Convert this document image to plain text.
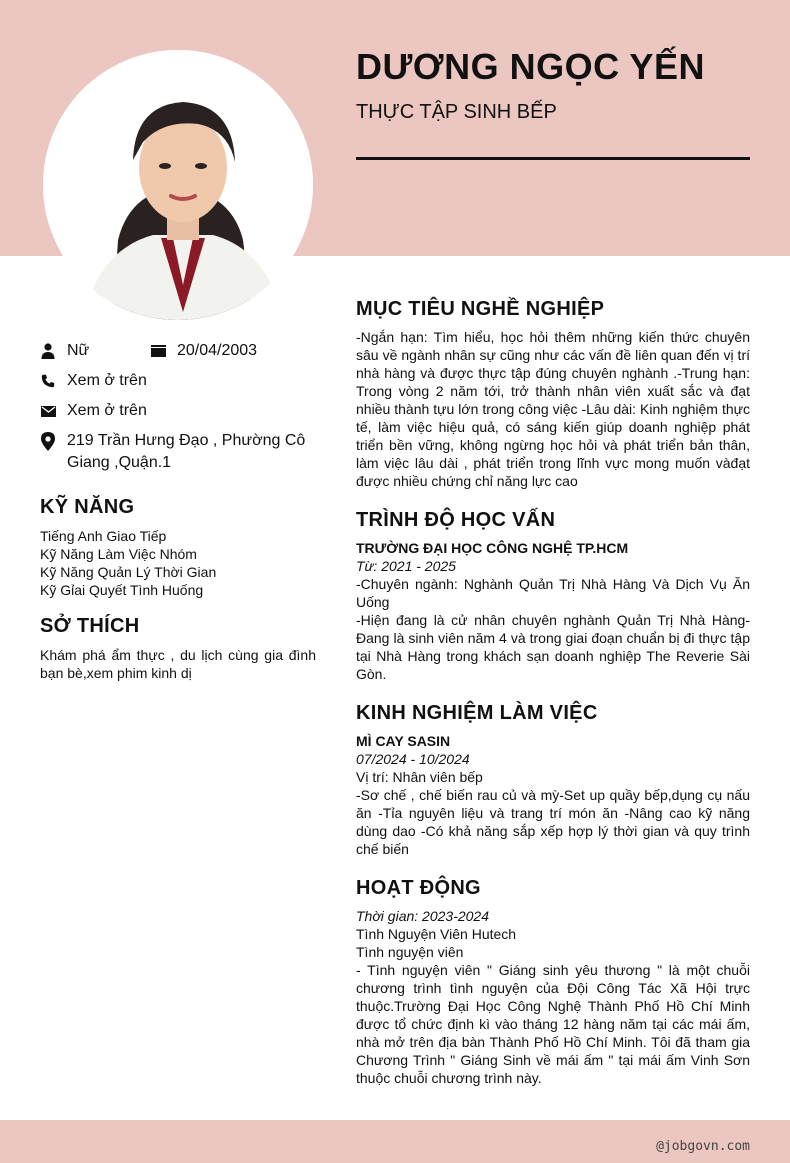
DƯƠNG NGỌC YẾN

THỰC TẬP SINH BẾP

Nữ	20/04/2003
Xem ở trên
Xem ở trên
219 Trần Hưng Đạo , Phường Cô Giang ,Quận.1
KỸ NĂNG
Tiếng Anh Giao Tiếp
Kỹ Năng Làm Việc Nhóm
Kỹ Năng Quản Lý Thời Gian
Kỹ Gỉai Quyết Tình Huống
SỞ THÍCH
Khám phá ẩm thực , du lịch cùng gia đình bạn bè,xem phim kinh dị
MỤC TIÊU NGHỀ NGHIỆP

-Ngắn hạn: Tìm hiểu, học hỏi thêm những kiến thức chuyên sâu về ngành nhân sự cũng như các vấn đề liên quan đến vị trí nhà hàng và được thực tập đúng chuyên nghành .-Trung hạn: Trong vòng 2 năm tới, trở thành nhân viên xuất sắc và đạt nhiều thành tựu lớn trong công việc -Lâu dài: Kinh nghiệm thực tế, làm việc hiệu quả, có sáng kiến giúp doanh nghiệp phát triển bền vững, không ngừng học hỏi và phát triển bản thân, làm việc lâu dài , phát triển trong lĩnh vực mong muốn vàđạt được nhiều chứng chỉ năng lực cao

TRÌNH ĐỘ HỌC VẤN
TRƯỜNG ĐẠI HỌC CÔNG NGHỆ TP.HCM
Từ: 2021 - 2025

-Chuyên ngành: Nghành Quản Trị Nhà Hàng Và Dịch Vụ Ăn Uống

-Hiện đang là cử nhân chuyên nghành Quản Trị Nhà Hàng-Đang là sinh viên năm 4 và trong giai đoạn chuẩn bị đi thực tập tại Nhà Hàng trong khách sạn doanh nghiệp The Reverie Sài Gòn.

KINH NGHIỆM LÀM VIỆC
MÌ CAY SASIN
07/2024 - 10/2024

Vị trí: Nhân viên bếp

-Sơ chế , chế biến rau củ và mỳ-Set up quầy bếp,dụng cụ nấu ăn -Tỉa nguyên liệu và trang trí món ăn -Nâng cao kỹ năng dùng dao -Có khả năng sắp xếp hợp lý thời gian và quy trình chế biến

HOẠT ĐỘNG
Thời gian: 2023-2024

Tình Nguyện Viên Hutech

Tình nguyện viên

- Tình nguyện viên " Giáng sinh yêu thương " là một chuỗi chương trình tình nguyện của Đội Công Tác Xã Hội trực thuộc.Trường Đại Học Công Nghệ Thành Phố Hồ Chí Minh được tổ chức định kì vào tháng 12 hàng năm tại các mái ấm, nhà mở trên địa bàn Thành Phố Hồ Chí Minh. Tôi đã tham gia Chương Trình " Giáng Sinh về mái ấm " tại mái ấm Vinh Sơn thuộc chuỗi chương trình này.

@jobgovn.com
